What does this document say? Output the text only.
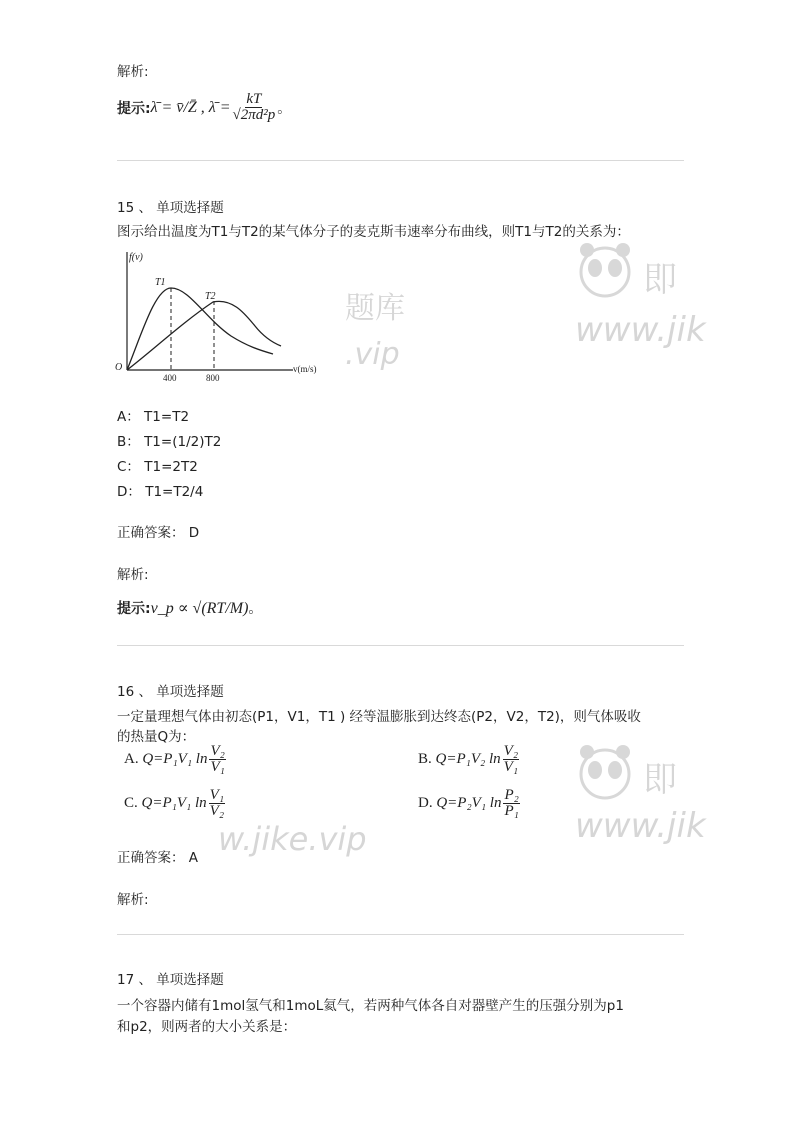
题库
.vip
即
www.jik
即
www.jik
w.jike.vip
解析:
提示: λ̄ = v̄/Z̄ , λ̄ = $\frac{kT}{\text{√2πd²p}}$ 。
15 、 单项选择题
图示给出温度为T1与T2的某气体分子的麦克斯韦速率分布曲线，则T1与T2的关系为：
f(v)
T1
T2
O
400	800
v(m/s)
A： T1=T2
B： T1=(1/2)T2
C： T1=2T2
D： T1=T2/4
正确答案： D
解析:
提示:v_p ∝ √(RT/M)。
16 、 单项选择题
一定量理想气体由初态(P1，V1，T1 ) 经等温膨胀到达终态(P2，V2，T2)，则气体吸收
的热量Q为：
A.
Q=P₁V₁ $\ln \frac{\text{V₂}}{\text{V₁}}$	B.
Q=P₁V₂ $\ln \frac{\text{V₂}}{\text{V₁}}$
C.
Q=P₁V₁ $\ln \frac{\text{V₁}}{\text{V₂}}$	D.
Q=P₂V₁ $\ln \frac{\text{P₂}}{\text{P₁}}$
正确答案： A
解析:
17 、 单项选择题
一个容器内储有1mol氢气和1moL氦气，若两种气体各自对器壁产生的压强分别为p1
和p2，则两者的大小关系是：
